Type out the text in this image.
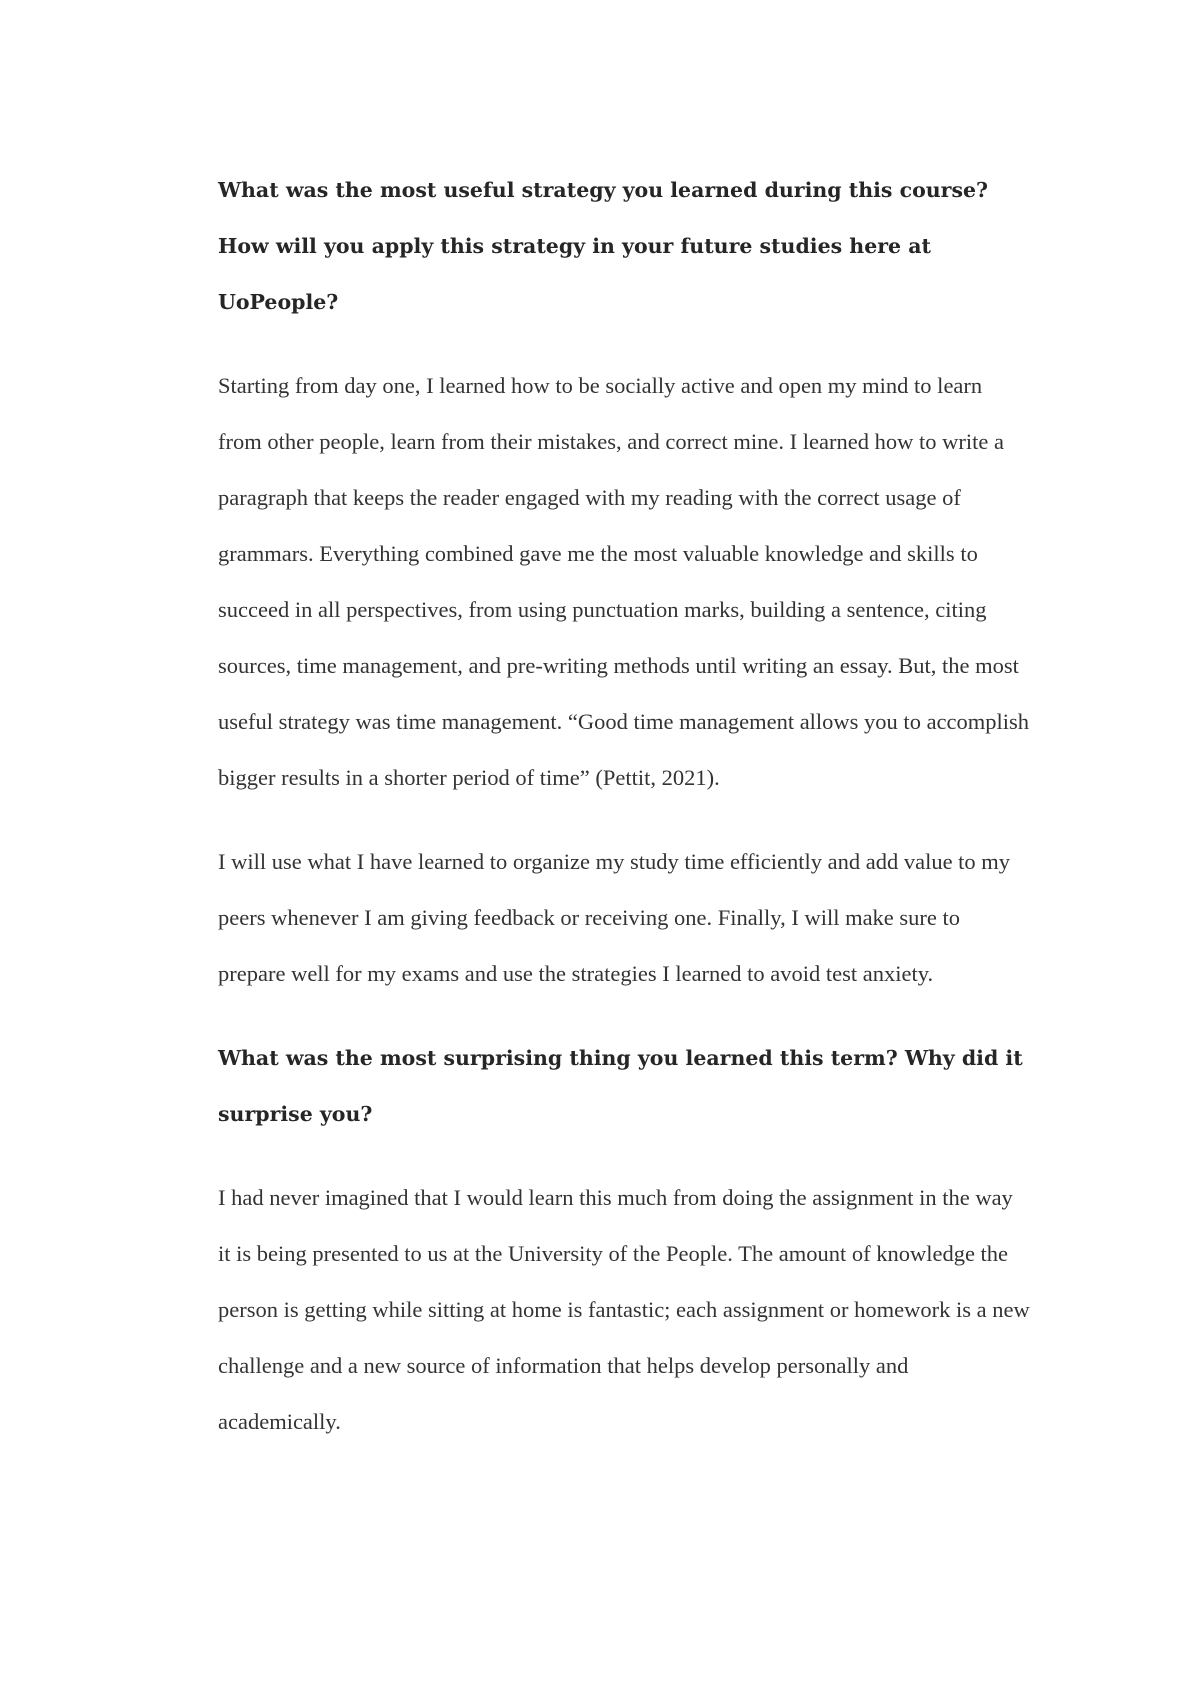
What was the most useful strategy you learned during this course? How will you apply this strategy in your future studies here at UoPeople?

Starting from day one, I learned how to be socially active and open my mind to learn from other people, learn from their mistakes, and correct mine. I learned how to write a paragraph that keeps the reader engaged with my reading with the correct usage of grammars. Everything combined gave me the most valuable knowledge and skills to succeed in all perspectives, from using punctuation marks, building a sentence, citing sources, time management, and pre-writing methods until writing an essay. But, the most useful strategy was time management. “Good time management allows you to accomplish bigger results in a shorter period of time” (Pettit, 2021).

I will use what I have learned to organize my study time efficiently and add value to my peers whenever I am giving feedback or receiving one. Finally, I will make sure to prepare well for my exams and use the strategies I learned to avoid test anxiety.

What was the most surprising thing you learned this term? Why did it surprise you?

I had never imagined that I would learn this much from doing the assignment in the way it is being presented to us at the University of the People. The amount of knowledge the person is getting while sitting at home is fantastic; each assignment or homework is a new challenge and a new source of information that helps develop personally and academically.
